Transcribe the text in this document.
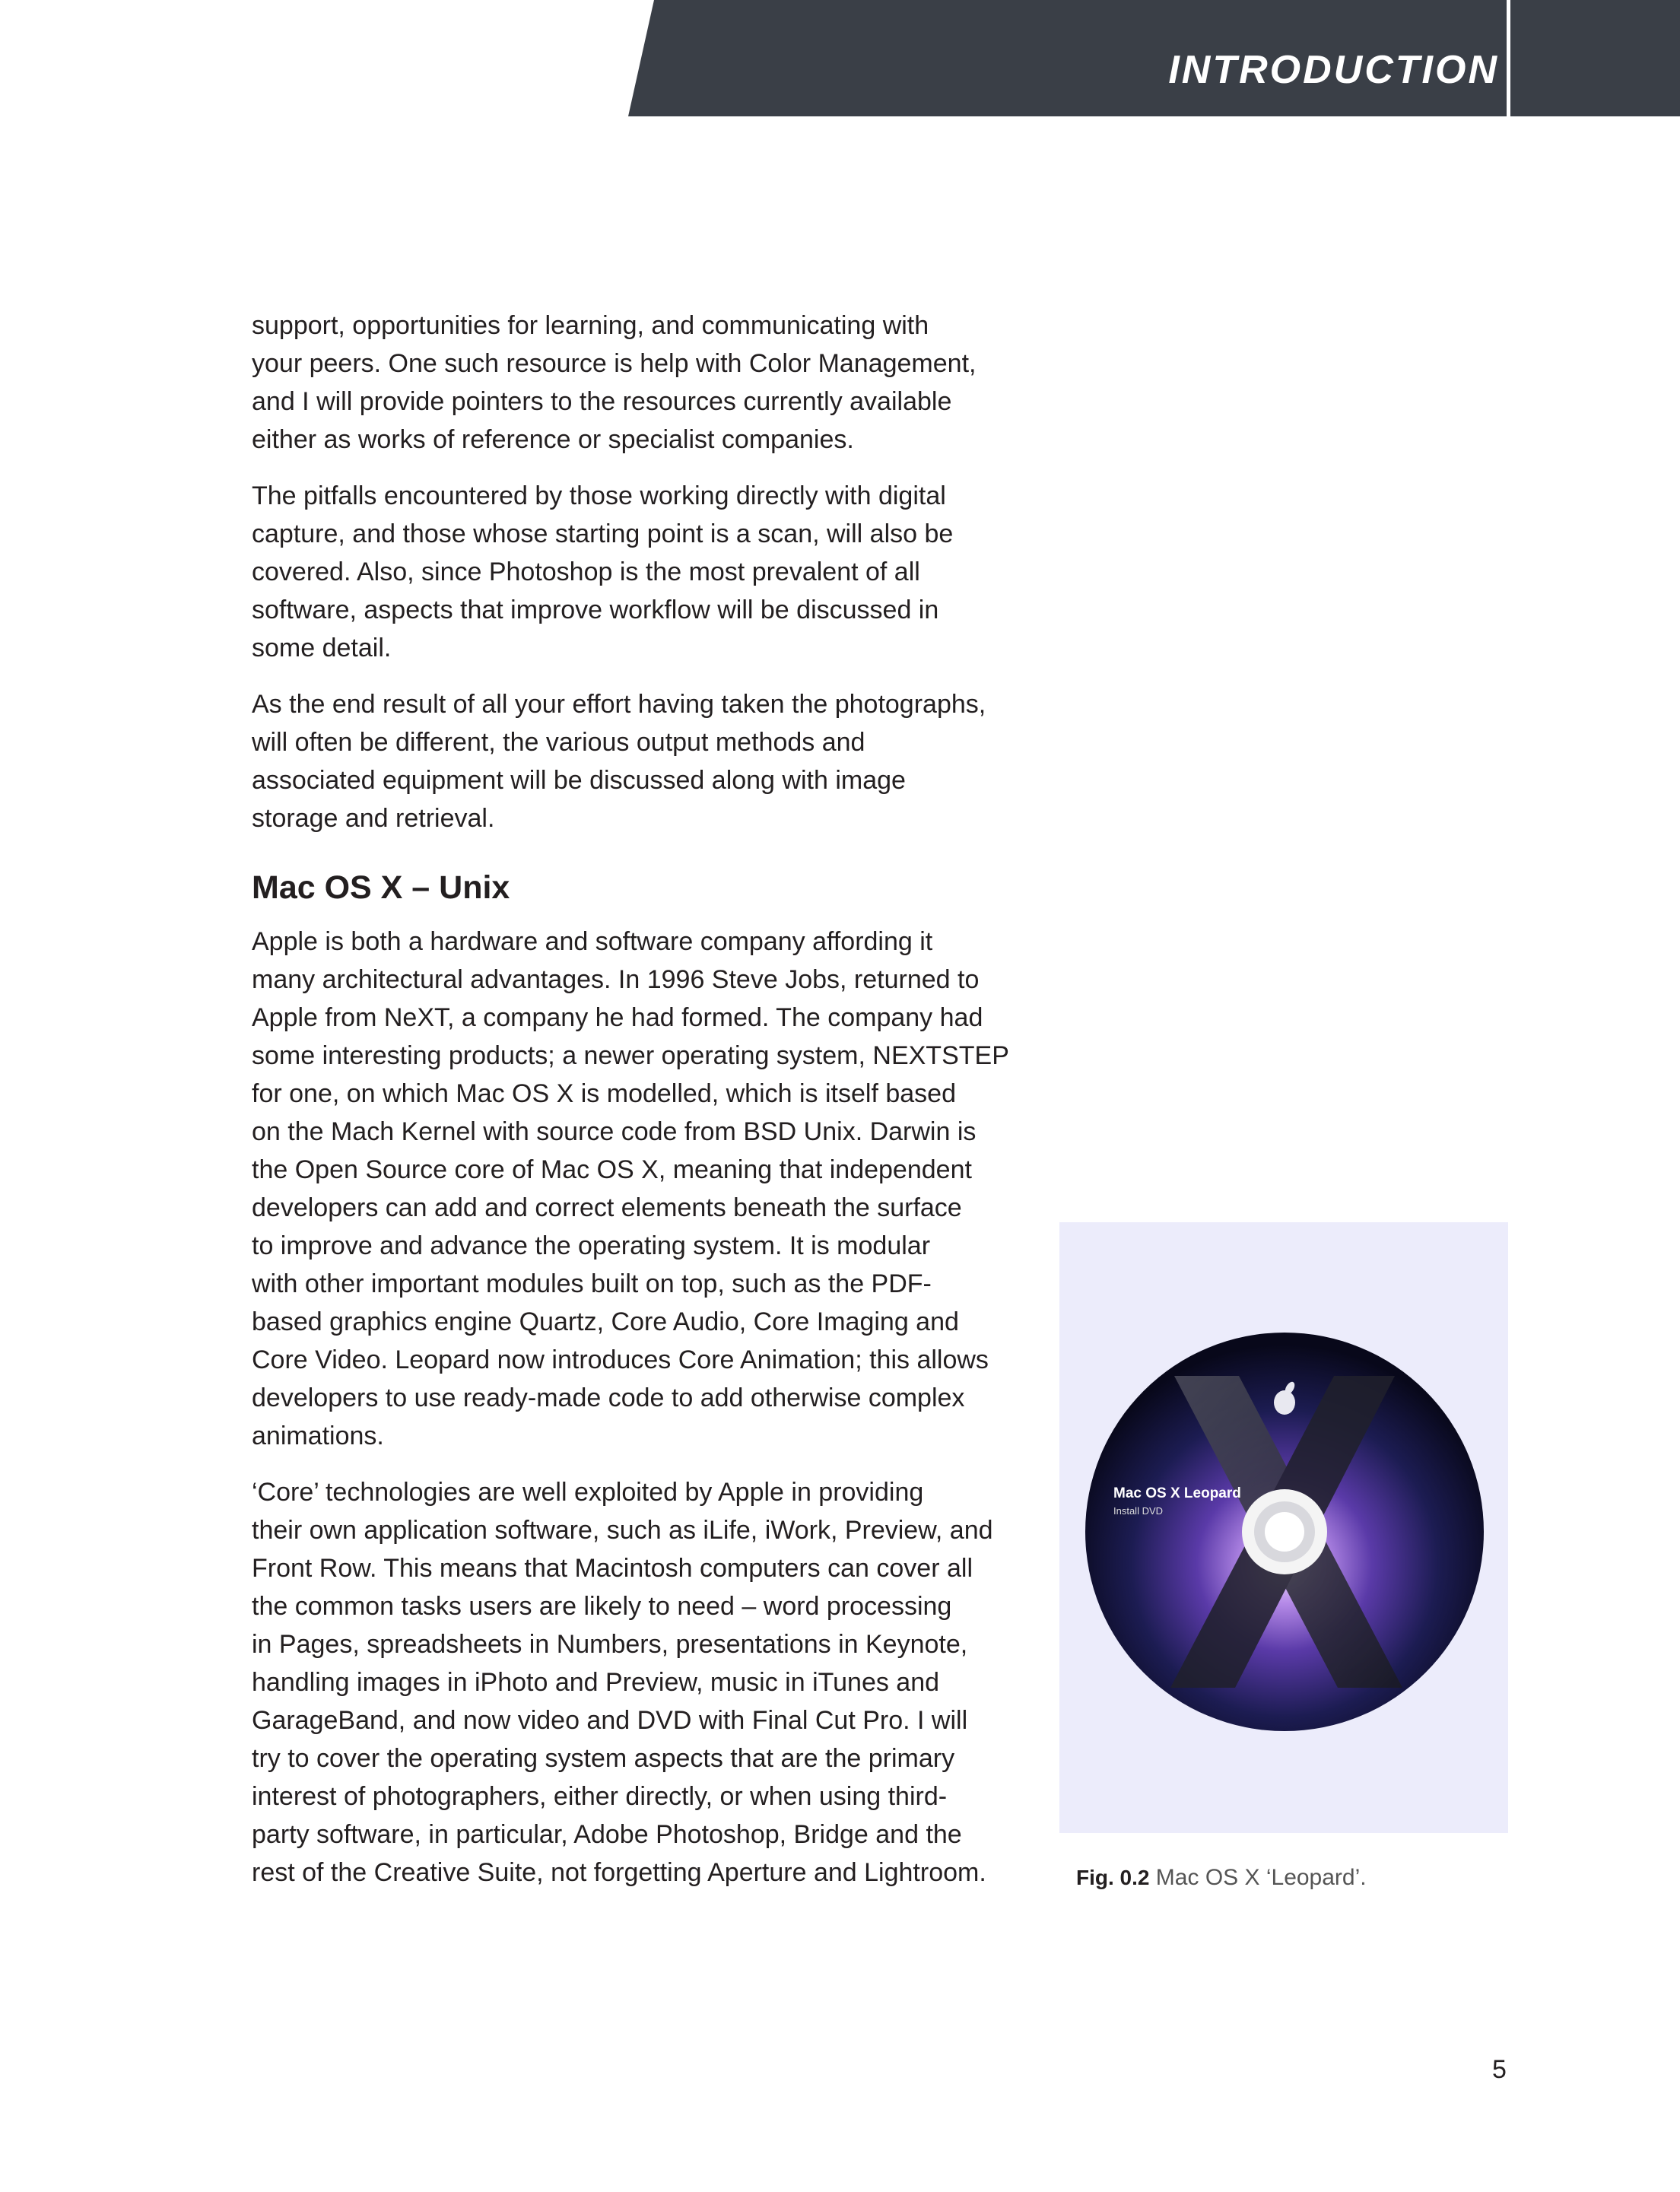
INTRODUCTION

support, opportunities for learning, and communicating with
your peers. One such resource is help with Color Management,
and I will provide pointers to the resources currently available
either as works of reference or specialist companies.

The pitfalls encountered by those working directly with digital
capture, and those whose starting point is a scan, will also be
covered. Also, since Photoshop is the most prevalent of all
software, aspects that improve workflow will be discussed in
some detail.

As the end result of all your effort having taken the photographs,
will often be different, the various output methods and
associated equipment will be discussed along with image
storage and retrieval.

Mac OS X – Unix

Apple is both a hardware and software company affording it
many architectural advantages. In 1996 Steve Jobs, returned to
Apple from NeXT, a company he had formed. The company had
some interesting products; a newer operating system, NEXTSTEP
for one, on which Mac OS X is modelled, which is itself based
on the Mach Kernel with source code from BSD Unix. Darwin is
the Open Source core of Mac OS X, meaning that independent
developers can add and correct elements beneath the surface
to improve and advance the operating system. It is modular
with other important modules built on top, such as the PDF-
based graphics engine Quartz, Core Audio, Core Imaging and
Core Video. Leopard now introduces Core Animation; this allows
developers to use ready-made code to add otherwise complex
animations.

‘Core’ technologies are well exploited by Apple in providing
their own application software, such as iLife, iWork, Preview, and
Front Row. This means that Macintosh computers can cover all
the common tasks users are likely to need – word processing
in Pages, spreadsheets in Numbers, presentations in Keynote,
handling images in iPhoto and Preview, music in iTunes and
GarageBand, and now video and DVD with Final Cut Pro. I will
try to cover the operating system aspects that are the primary
interest of photographers, either directly, or when using third-
party software, in particular, Adobe Photoshop, Bridge and the
rest of the Creative Suite, not forgetting Aperture and Lightroom.

Mac OS X Leopard
Install DVD
Fig. 0.2 Mac OS X ‘Leopard’.
5
